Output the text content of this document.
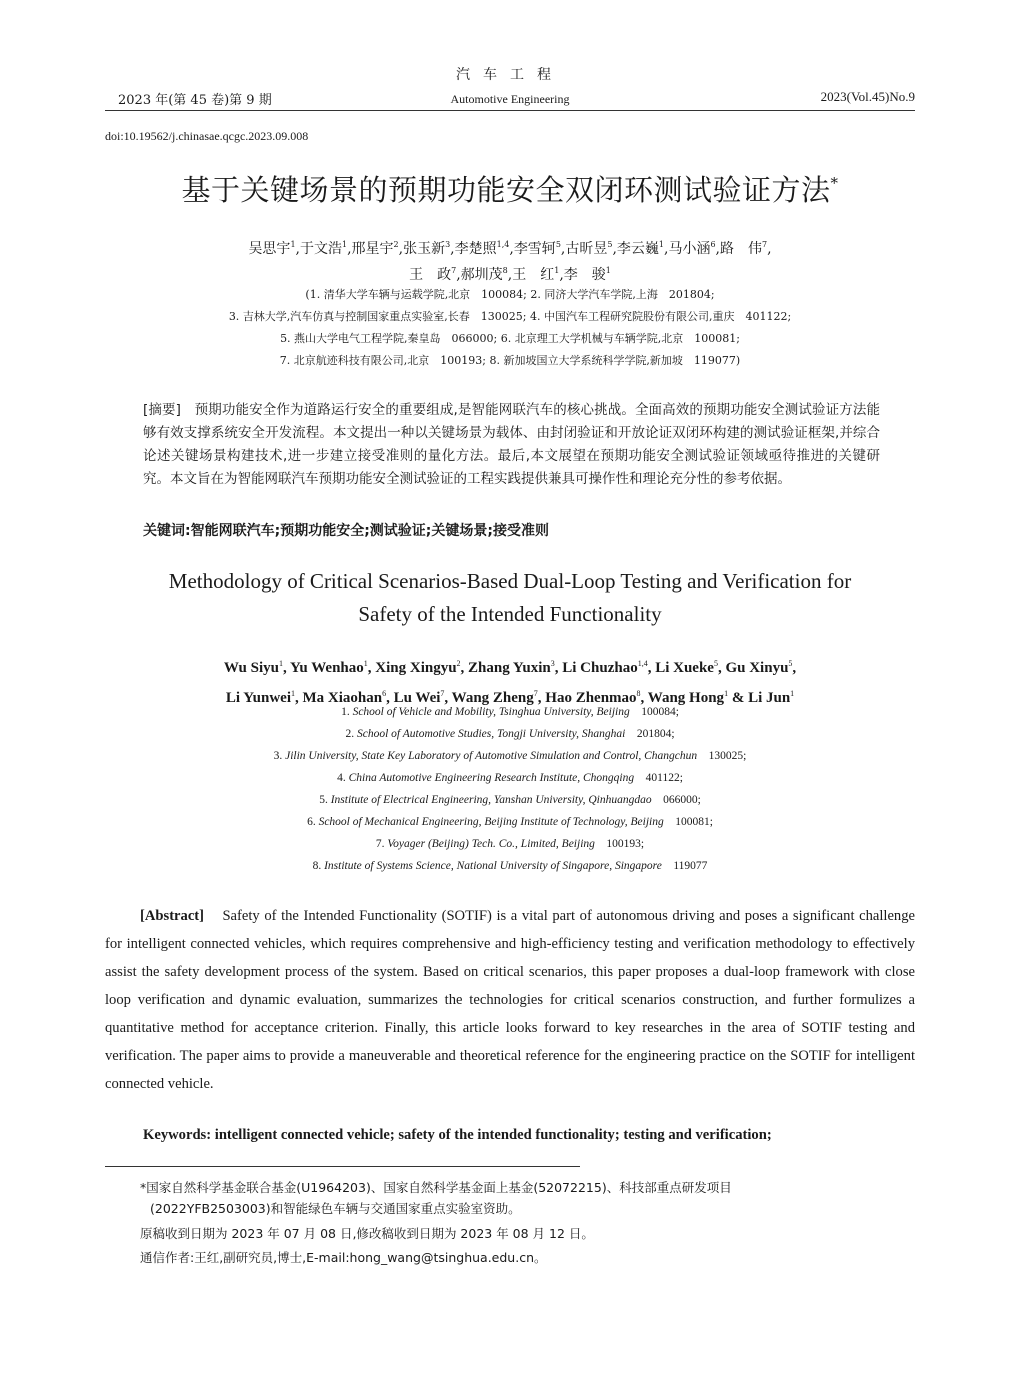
汽车工程
2023 年(第 45 卷)第 9 期	Automotive Engineering	2023(Vol.45)No.9
doi:10.19562/j.chinasae.qcgc.2023.09.008
基于关键场景的预期功能安全双闭环测试验证方法*
吴思宇$^1$,于文浩$^1$,邢星宇$^2$,张玉新$^3$,李楚照$^{1,4}$,李雪轲$^5$,古昕昱$^5$,李云巍$^1$,马小涵$^6$,路　伟$^7$,
王　政$^7$,郝圳茂$^8$,王　红$^1$,李　骏$^1$
(1. 清华大学车辆与运载学院,北京　100084; 2. 同济大学汽车学院,上海　201804;
3. 吉林大学,汽车仿真与控制国家重点实验室,长春　130025; 4. 中国汽车工程研究院股份有限公司,重庆　401122;
5. 燕山大学电气工程学院,秦皇岛　066000; 6. 北京理工大学机械与车辆学院,北京　100081;
7. 北京航迹科技有限公司,北京　100193; 8. 新加坡国立大学系统科学学院,新加坡　119077)
[摘要]　 预期功能安全作为道路运行安全的重要组成,是智能网联汽车的核心挑战。全面高效的预期功能安全测试验证方法能够有效支撑系统安全开发流程。本文提出一种以关键场景为载体、由封闭验证和开放论证双闭环构建的测试验证框架,并综合论述关键场景构建技术,进一步建立接受准则的量化方法。最后,本文展望在预期功能安全测试验证领域亟待推进的关键研究。本文旨在为智能网联汽车预期功能安全测试验证的工程实践提供兼具可操作性和理论充分性的参考依据。
关键词:智能网联汽车;预期功能安全;测试验证;关键场景;接受准则
Methodology of Critical Scenarios-Based Dual-Loop Testing and Verification for
Safety of the Intended Functionality
Wu Siyu$^1$, Yu Wenhao$^1$, Xing Xingyu$^2$, Zhang Yuxin$^3$, Li Chuzhao$^{1,4}$, Li Xueke$^5$, Gu Xinyu$^5$,
Li Yunwei$^1$, Ma Xiaohan$^6$, Lu Wei$^7$, Wang Zheng$^7$, Hao Zhenmao$^8$, Wang Hong$^1$ & Li Jun$^1$
1. School of Vehicle and Mobility, Tsinghua University, Beijing    100084;
2. School of Automotive Studies, Tongji University, Shanghai    201804;
3. Jilin University, State Key Laboratory of Automotive Simulation and Control, Changchun    130025;
4. China Automotive Engineering Research Institute, Chongqing    401122;
5. Institute of Electrical Engineering, Yanshan University, Qinhuangdao    066000;
6. School of Mechanical Engineering, Beijing Institute of Technology, Beijing    100081;
7. Voyager (Beijing) Tech. Co., Limited, Beijing    100193;
8. Institute of Systems Science, National University of Singapore, Singapore    119077
[Abstract] Safety of the Intended Functionality (SOTIF) is a vital part of autonomous driving and poses a significant challenge for intelligent connected vehicles, which requires comprehensive and high-efficiency testing and verification methodology to effectively assist the safety development process of the system. Based on critical scenarios, this paper proposes a dual-loop framework with close loop verification and dynamic evaluation, summarizes the technologies for critical scenarios construction, and further formulizes a quantitative method for acceptance criterion. Finally, this article looks forward to key researches in the area of SOTIF testing and verification. The paper aims to provide a maneuverable and theoretical reference for the engineering practice on the SOTIF for intelligent connected vehicle.
Keywords: intelligent connected vehicle; safety of the intended functionality; testing and verification;
*国家自然科学基金联合基金(U1964203)、国家自然科学基金面上基金(52072215)、科技部重点研发项目
(2022YFB2503003)和智能绿色车辆与交通国家重点实验室资助。
原稿收到日期为 2023 年 07 月 08 日,修改稿收到日期为 2023 年 08 月 12 日。
通信作者:王红,副研究员,博士,E-mail:hong_wang@tsinghua.edu.cn。
